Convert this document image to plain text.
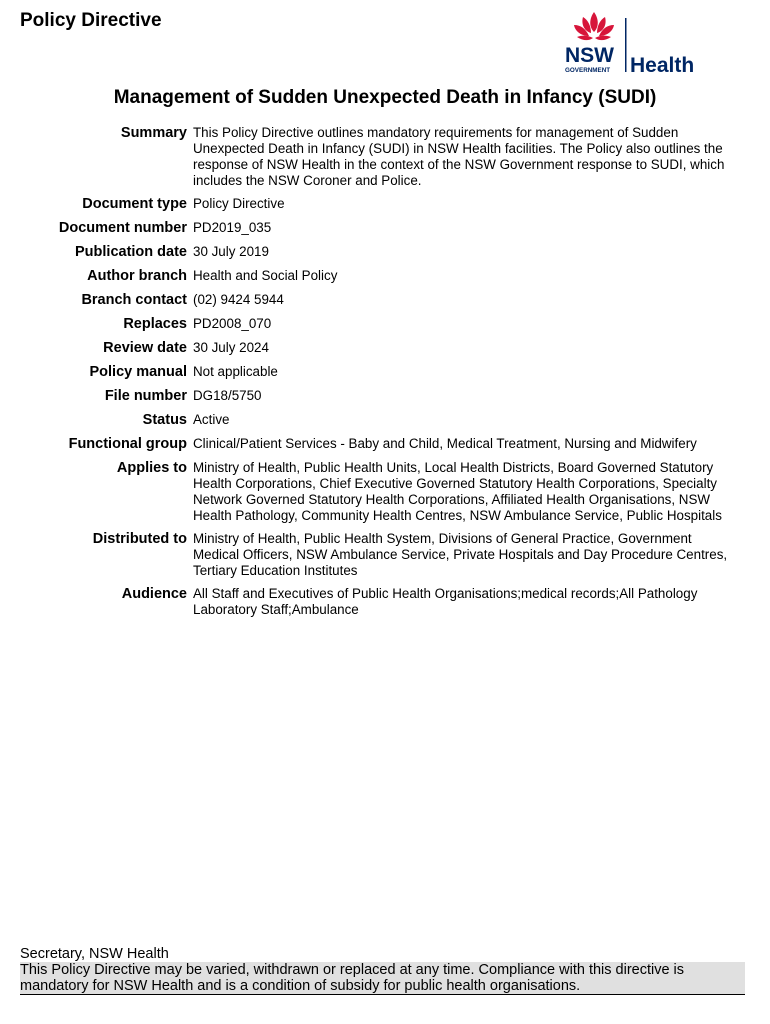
Policy Directive
NSW
GOVERNMENT Health
Management of Sudden Unexpected Death in Infancy (SUDI)
Summary	This Policy Directive outlines mandatory requirements for management of Sudden Unexpected Death in Infancy (SUDI) in NSW Health facilities. The Policy also outlines the response of NSW Health in the context of the NSW Government response to SUDI, which includes the NSW Coroner and Police.
Document type	Policy Directive
Document number	PD2019_035
Publication date	30 July 2019
Author branch	Health and Social Policy
Branch contact	(02) 9424 5944
Replaces	PD2008_070
Review date	30 July 2024
Policy manual	Not applicable
File number	DG18/5750
Status	Active
Functional group	Clinical/Patient Services - Baby and Child, Medical Treatment, Nursing and Midwifery
Applies to	Ministry of Health, Public Health Units, Local Health Districts, Board Governed Statutory Health Corporations, Chief Executive Governed Statutory Health Corporations, Specialty Network Governed Statutory Health Corporations, Affiliated Health Organisations, NSW Health Pathology, Community Health Centres, NSW Ambulance Service, Public Hospitals
Distributed to	Ministry of Health, Public Health System, Divisions of General Practice, Government Medical Officers, NSW Ambulance Service, Private Hospitals and Day Procedure Centres, Tertiary Education Institutes
Audience	All Staff and Executives of Public Health Organisations;medical records;All Pathology Laboratory Staff;Ambulance

Secretary, NSW Health

This Policy Directive may be varied, withdrawn or replaced at any time. Compliance with this directive is mandatory for NSW Health and is a condition of subsidy for public health organisations.
